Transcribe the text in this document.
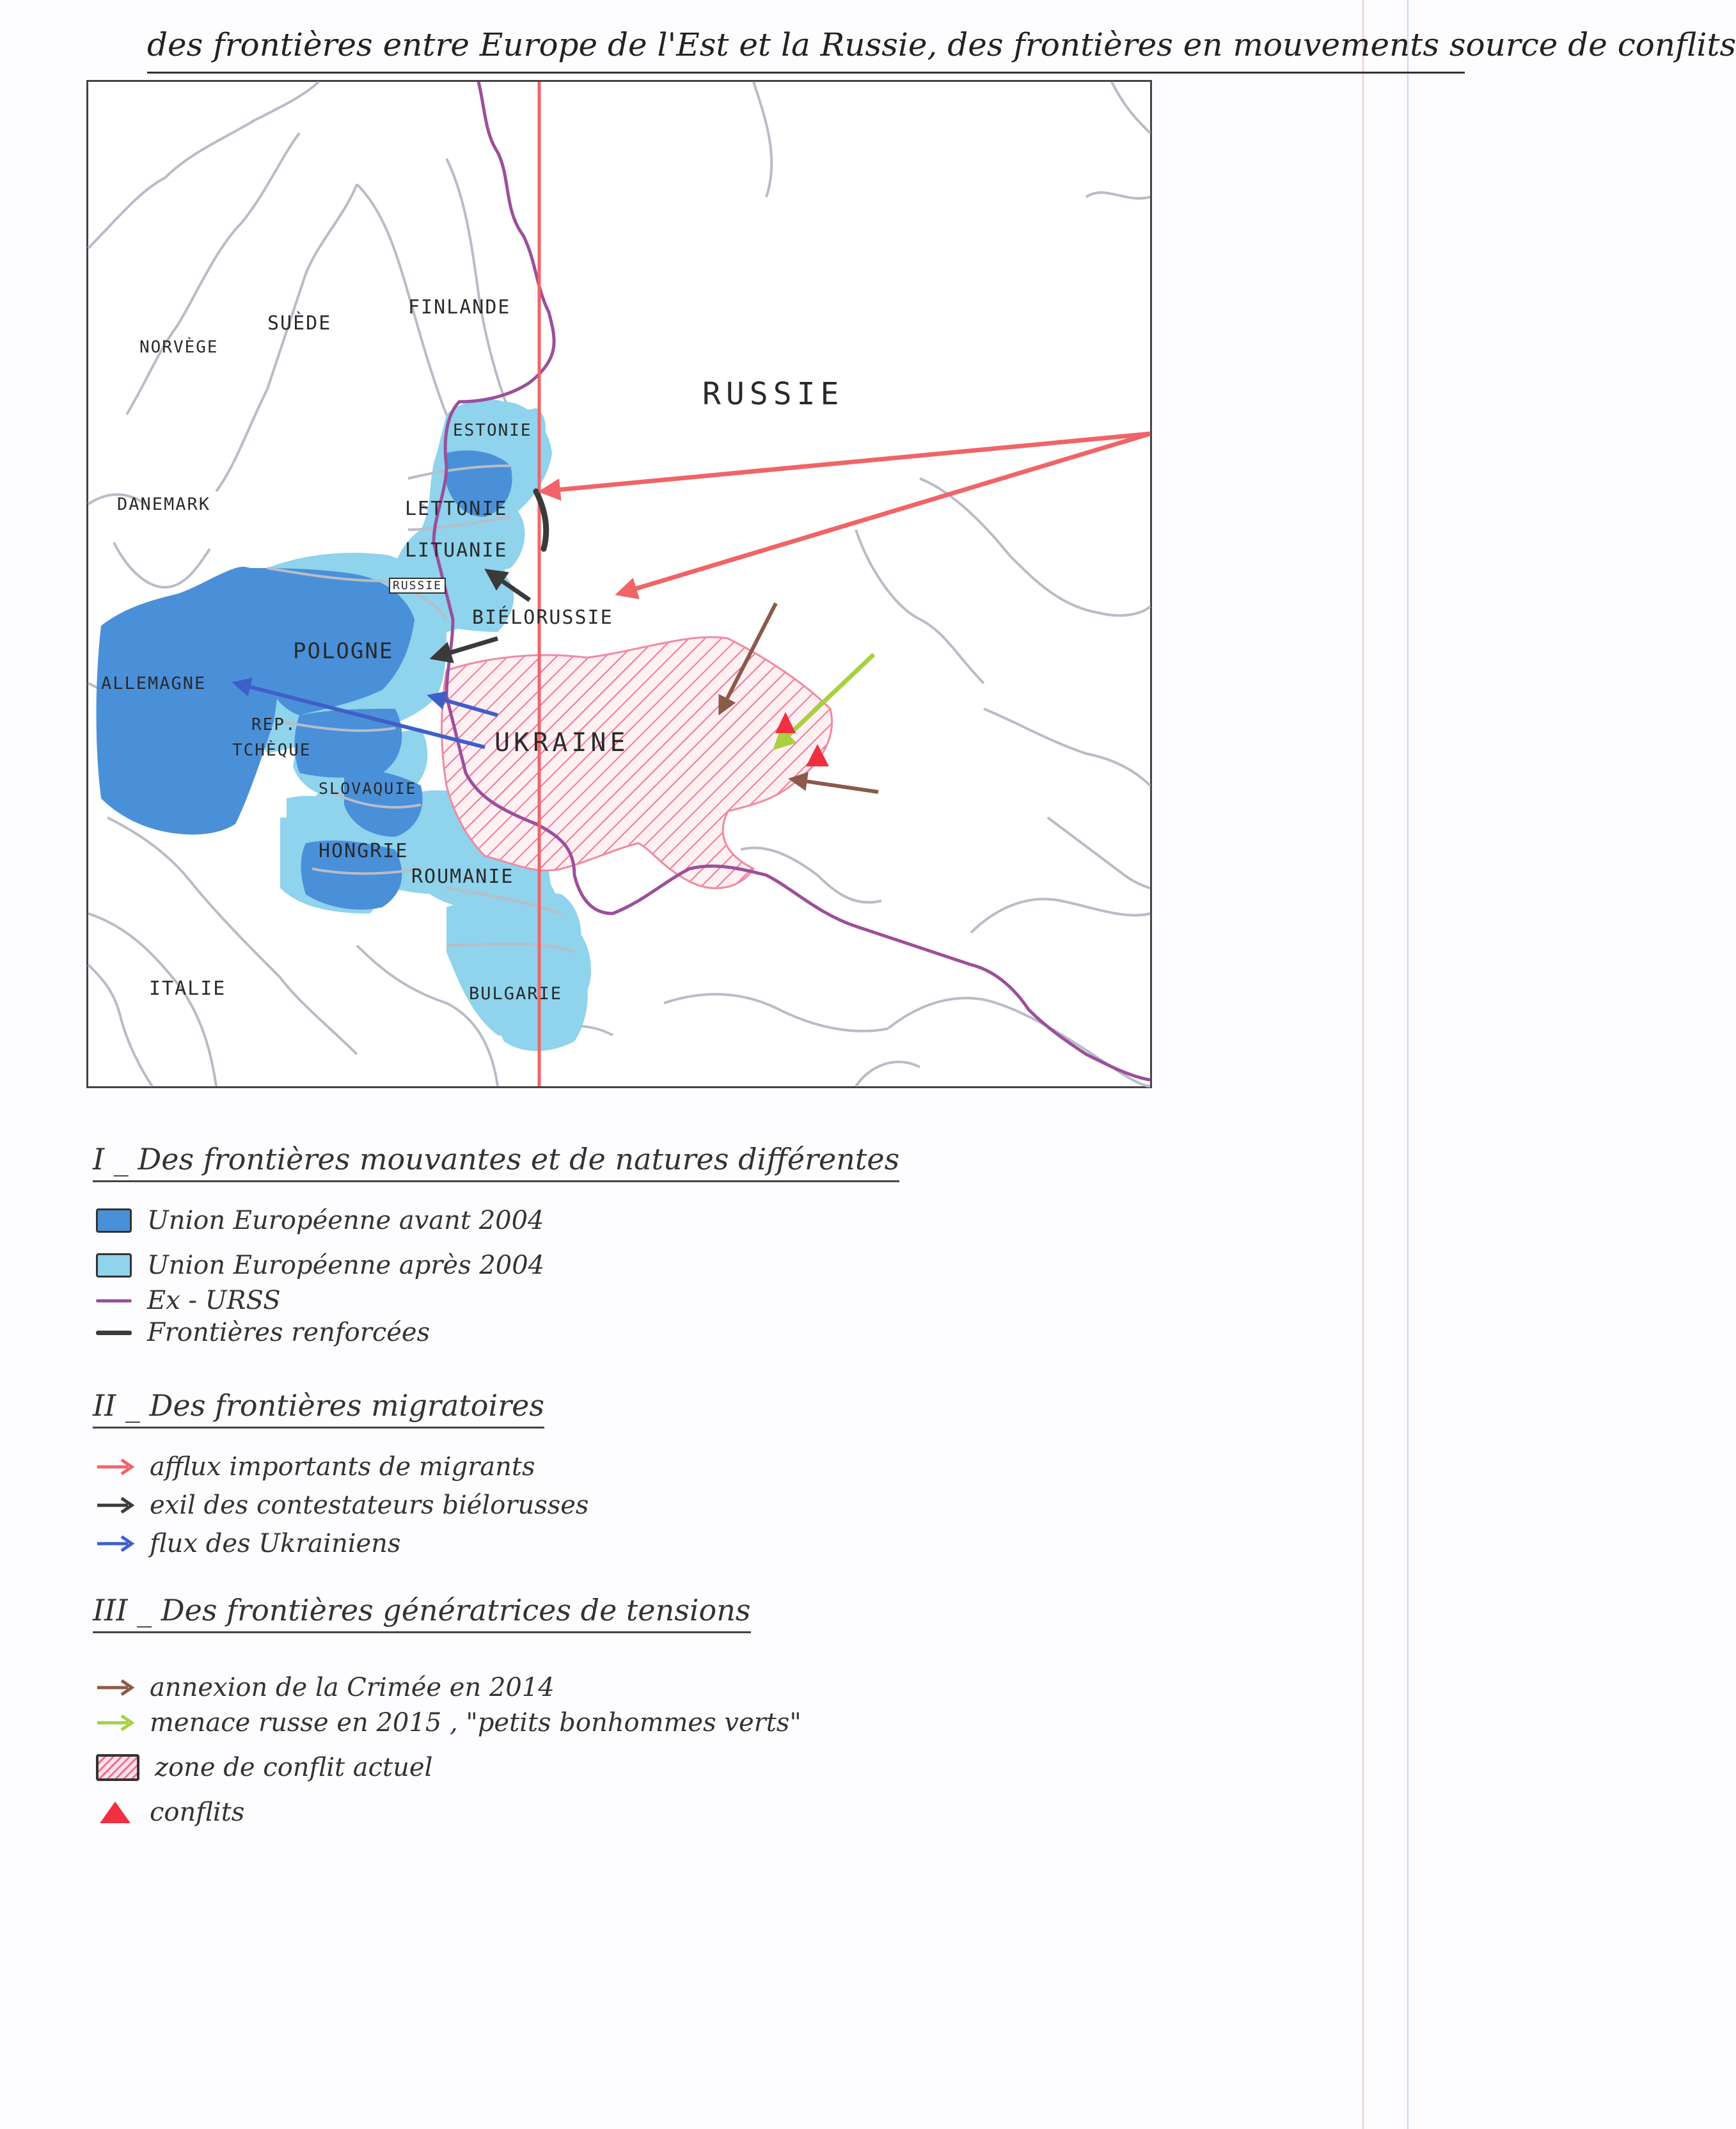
des frontières entre Europe de l'Est et la Russie, des frontières en mouvements source de conflits
NORVÈGE
SUÈDE
FINLANDE
RUSSIE
ESTONIE
DANEMARK	LETTONIE
LITUANIE
RUSSIE
BIÉLORUSSIE
POLOGNE
ALLEMAGNE
REP.
TCHÈQUE	UKRAINE
SLOVAQUIE
HONGRIE
ROUMANIE
ITALIE	BULGARIE
I _ Des frontières mouvantes et de natures différentes
Union Européenne avant 2004
Union Européenne après 2004
Ex - URSS
Frontières renforcées
II _ Des frontières migratoires
afflux importants de migrants
exil des contestateurs biélorusses
flux des Ukrainiens
III _ Des frontières génératrices de tensions
annexion de la Crimée en 2014
menace russe en 2015 , "petits bonhommes verts"
zone de conflit actuel
conflits
